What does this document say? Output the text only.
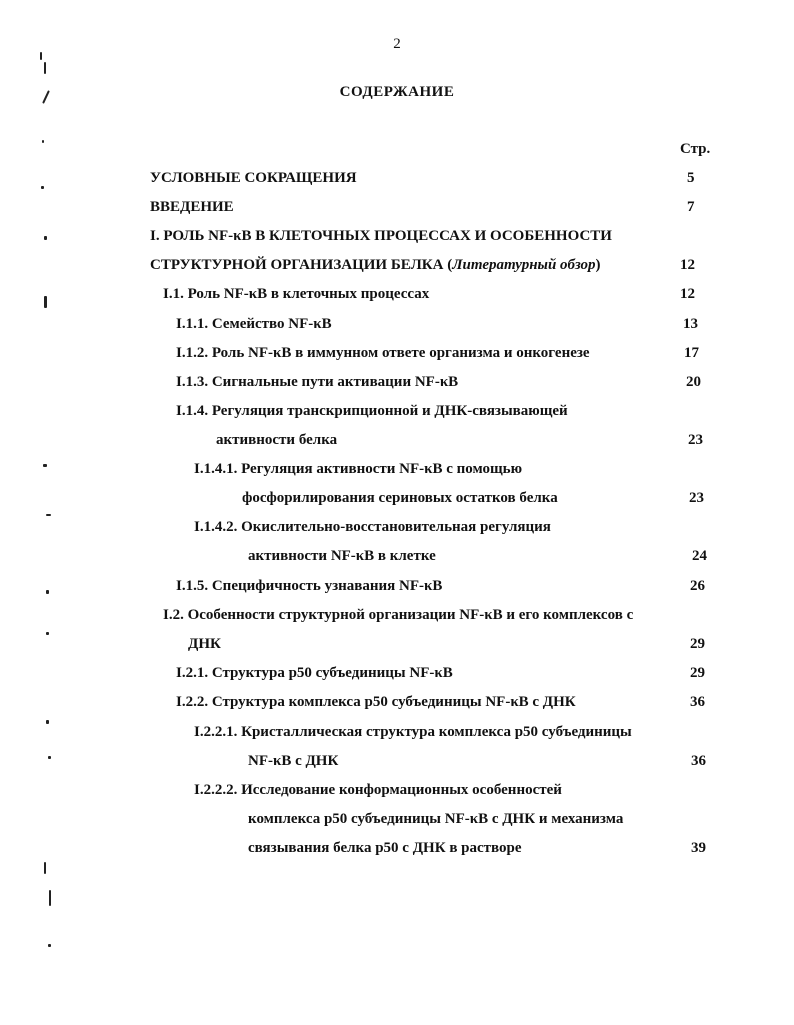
2
СОДЕРЖАНИЕ
Стр.
УСЛОВНЫЕ СОКРАЩЕНИЯ	5
ВВЕДЕНИЕ	7
I. РОЛЬ NF-κB В КЛЕТОЧНЫХ ПРОЦЕССАХ И ОСОБЕННОСТИ
СТРУКТУРНОЙ ОРГАНИЗАЦИИ БЕЛКА (Литературный обзор)	12
I.1. Роль NF-κB в клеточных процессах	12
I.1.1. Семейство NF-κB	13
I.1.2. Роль NF-κB в иммунном ответе организма и онкогенезе	17
I.1.3. Сигнальные пути активации NF-κB	20
I.1.4. Регуляция транскрипционной и ДНК-связывающей
активности белка	23
I.1.4.1. Регуляция активности NF-κB с помощью
фосфорилирования сериновых остатков белка	23
I.1.4.2. Окислительно-восстановительная регуляция
активности NF-κB в клетке	24
I.1.5. Специфичность узнавания NF-κB	26
I.2. Особенности структурной организации NF-κB и его комплексов с
ДНК	29
I.2.1. Структура p50 субъединицы NF-κB	29
I.2.2. Структура комплекса p50 субъединицы NF-κB с ДНК	36
I.2.2.1. Кристаллическая структура комплекса p50 субъединицы
NF-κB с ДНК	36
I.2.2.2. Исследование конформационных особенностей
комплекса p50 субъединицы NF-κB с ДНК и механизма
связывания белка p50 с ДНК в растворе	39
